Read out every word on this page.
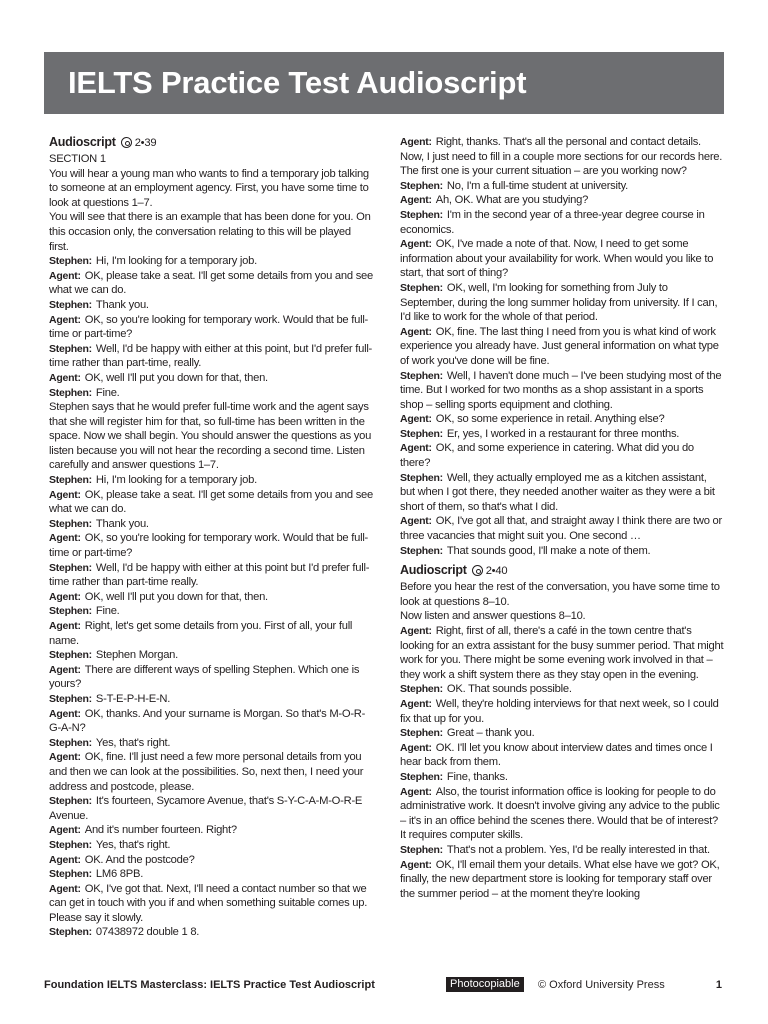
IELTS Practice Test Audioscript
Audioscript 2•39

SECTION 1

You will hear a young man who wants to find a temporary job talking to someone at an employment agency. First, you have some time to look at questions 1–7.

You will see that there is an example that has been done for you. On this occasion only, the conversation relating to this will be played first.

Stephen: Hi, I'm looking for a temporary job.

Agent: OK, please take a seat. I'll get some details from you and see what we can do.

Stephen: Thank you.

Agent: OK, so you're looking for temporary work. Would that be full-time or part-time?

Stephen: Well, I'd be happy with either at this point, but I'd prefer full-time rather than part-time, really.

Agent: OK, well I'll put you down for that, then.

Stephen: Fine.

Stephen says that he would prefer full-time work and the agent says that she will register him for that, so full-time has been written in the space. Now we shall begin. You should answer the questions as you listen because you will not hear the recording a second time. Listen carefully and answer questions 1–7.

Stephen: Hi, I'm looking for a temporary job.

Agent: OK, please take a seat. I'll get some details from you and see what we can do.

Stephen: Thank you.

Agent: OK, so you're looking for temporary work. Would that be full-time or part-time?

Stephen: Well, I'd be happy with either at this point but I'd prefer full-time rather than part-time really.

Agent: OK, well I'll put you down for that, then.

Stephen: Fine.

Agent: Right, let's get some details from you. First of all, your full name.

Stephen: Stephen Morgan.

Agent: There are different ways of spelling Stephen. Which one is yours?

Stephen: S-T-E-P-H-E-N.

Agent: OK, thanks. And your surname is Morgan. So that's M-O-R-G-A-N?

Stephen: Yes, that's right.

Agent: OK, fine. I'll just need a few more personal details from you and then we can look at the possibilities. So, next then, I need your address and postcode, please.

Stephen: It's fourteen, Sycamore Avenue, that's S-Y-C-A-M-O-R-E Avenue.

Agent: And it's number fourteen. Right?

Stephen: Yes, that's right.

Agent: OK. And the postcode?

Stephen: LM6 8PB.

Agent: OK, I've got that. Next, I'll need a contact number so that we can get in touch with you if and when something suitable comes up. Please say it slowly.

Stephen: 07438972 double 1 8.

Agent: Right, thanks. That's all the personal and contact details. Now, I just need to fill in a couple more sections for our records here. The first one is your current situation – are you working now?

Stephen: No, I'm a full-time student at university.

Agent: Ah, OK. What are you studying?

Stephen: I'm in the second year of a three-year degree course in economics.

Agent: OK, I've made a note of that. Now, I need to get some information about your availability for work. When would you like to start, that sort of thing?

Stephen: OK, well, I'm looking for something from July to September, during the long summer holiday from university. If I can, I'd like to work for the whole of that period.

Agent: OK, fine. The last thing I need from you is what kind of work experience you already have. Just general information on what type of work you've done will be fine.

Stephen: Well, I haven't done much – I've been studying most of the time. But I worked for two months as a shop assistant in a sports shop – selling sports equipment and clothing.

Agent: OK, so some experience in retail. Anything else?

Stephen: Er, yes, I worked in a restaurant for three months.

Agent: OK, and some experience in catering. What did you do there?

Stephen: Well, they actually employed me as a kitchen assistant, but when I got there, they needed another waiter as they were a bit short of them, so that's what I did.

Agent: OK, I've got all that, and straight away I think there are two or three vacancies that might suit you. One second …

Stephen: That sounds good, I'll make a note of them.

Audioscript 2•40

Before you hear the rest of the conversation, you have some time to look at questions 8–10.

Now listen and answer questions 8–10.

Agent: Right, first of all, there's a café in the town centre that's looking for an extra assistant for the busy summer period. That might work for you. There might be some evening work involved in that – they work a shift system there as they stay open in the evening.

Stephen: OK. That sounds possible.

Agent: Well, they're holding interviews for that next week, so I could fix that up for you.

Stephen: Great – thank you.

Agent: OK. I'll let you know about interview dates and times once I hear back from them.

Stephen: Fine, thanks.

Agent: Also, the tourist information office is looking for people to do administrative work. It doesn't involve giving any advice to the public – it's in an office behind the scenes there. Would that be of interest? It requires computer skills.

Stephen: That's not a problem. Yes, I'd be really interested in that.

Agent: OK, I'll email them your details. What else have we got? OK, finally, the new department store is looking for temporary staff over the summer period – at the moment they're looking

Foundation IELTS Masterclass: IELTS Practice Test Audioscript	Photocopiable	© Oxford University Press	1
